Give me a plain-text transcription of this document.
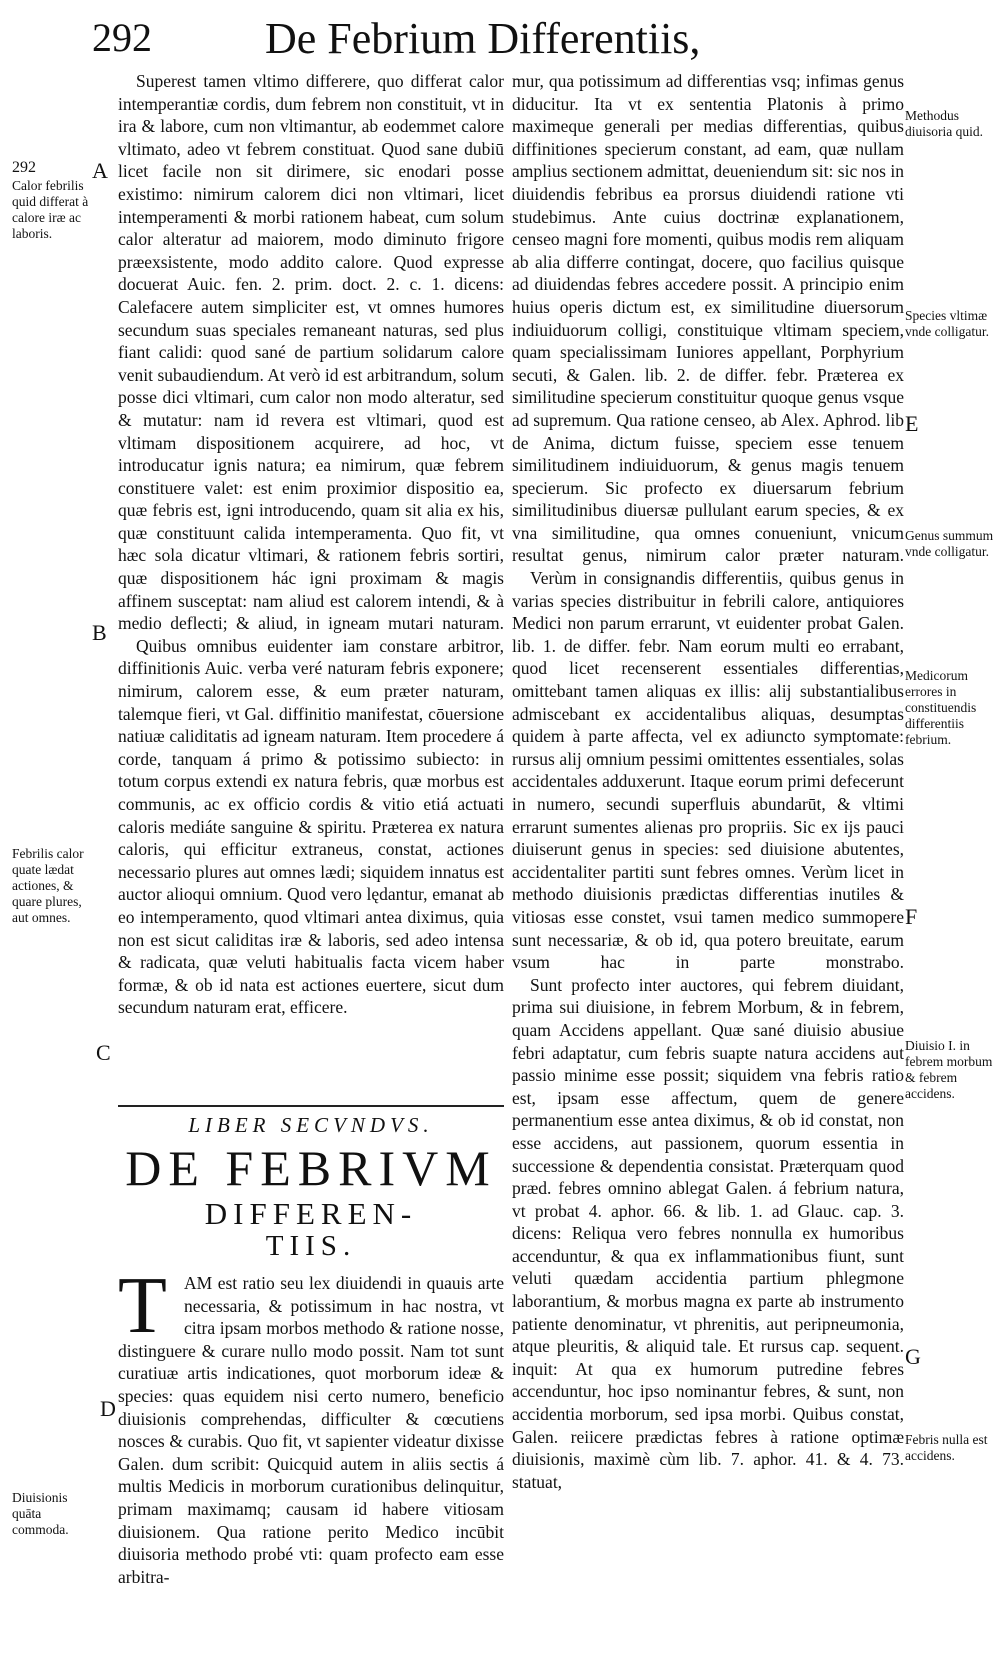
292	De Febrium Differentiis,

Superest tamen vltimo differere, quo differat calor intemperantiæ cordis, dum febrem non constituit, vt in ira & labore, cum non vltimantur, ab eodemmet calore vltimato, adeo vt febrem constituat. Quod sane dubiū licet facile non sit dirimere, sic enodari posse existimo: nimirum calorem dici non vltimari, licet intemperamenti & morbi rationem habeat, cum solum calor alteratur ad maiorem, modo diminuto frigore præexsistente, modo addito calore. Quod expresse docuerat Auic. fen. 2. prim. doct. 2. c. 1. dicens: Calefacere autem simpliciter est, vt omnes humores secundum suas speciales remaneant naturas, sed plus fiant calidi: quod sané de partium solidarum calore venit subaudiendum. At verò id est arbitrandum, solum posse dici vltimari, cum calor non modo alteratur, sed & mutatur: nam id revera est vltimari, quod est vltimam dispositionem acquirere, ad hoc, vt introducatur ignis natura; ea nimirum, quæ febrem constituere valet: est enim proximior dispositio ea, quæ febris est, igni introducendo, quam sit alia ex his, quæ constituunt calida intemperamenta. Quo fit, vt hæc sola dicatur vltimari, & rationem febris sortiri, quæ dispositionem hác igni proximam & magis affinem susceptat: nam aliud est calorem intendi, & à medio deflecti; & aliud, in igneam mutari naturam.

Quibus omnibus euidenter iam constare arbitror, diffinitionis Auic. verba veré naturam febris exponere; nimirum, calorem esse, & eum præter naturam, talemque fieri, vt Gal. diffinitio manifestat, cōuersione natiuæ caliditatis ad igneam naturam. Item procedere á corde, tanquam á primo & potissimo subiecto: in totum corpus extendi ex natura febris, quæ morbus est communis, ac ex officio cordis & vitio etiá actuati caloris mediáte sanguine & spiritu. Præterea ex natura caloris, qui efficitur extraneus, constat, actiones necessario plures aut omnes lædi; siquidem innatus est auctor alioqui omnium. Quod vero lędantur, emanat ab eo intemperamento, quod vltimari antea diximus, quia non est sicut caliditas iræ & laboris, sed adeo intensa & radicata, quæ veluti habitualis facta vicem haber formæ, & ob id nata est actiones euertere, sicut dum secundum naturam erat, efficere.

LIBER SECVNDVS.
DE FEBRIVM
DIFFEREN-
TIIS.
T AM est ratio seu lex diuidendi in quauis arte necessaria, & potissimum in hac nostra, vt citra ipsam morbos methodo & ratione nosse, distinguere & curare nullo modo possit. Nam tot sunt curatiuæ artis indicationes, quot morborum ideæ & species: quas equidem nisi certo numero, beneficio diuisionis comprehendas, difficulter & cœcutiens nosces & curabis. Quo fit, vt sapienter videatur dixisse Galen. dum scribit: Quicquid autem in aliis sectis á multis Medicis in morborum curationibus delinquitur, primam maximamq; causam id habere vitiosam diuisionem. Qua ratione perito Medico incūbit diuisoria methodo probé vti: quam profecto eam esse arbitra-

mur, qua potissimum ad differentias vsq; infimas genus diducitur. Ita vt ex sententia Platonis à primo maximeque generali per medias differentias, quibus diffinitiones specierum constant, ad eam, quæ nullam amplius sectionem admittat, deueniendum sit: sic nos in diuidendis febribus ea prorsus diuidendi ratione vti studebimus. Ante cuius doctrinæ explanationem, censeo magni fore momenti, quibus modis rem aliquam ab alia differre contingat, docere, quo facilius quisque ad diuidendas febres accedere possit. A principio enim huius operis dictum est, ex similitudine diuersorum indiuiduorum colligi, constituique vltimam speciem, quam specialissimam Iuniores appellant, Porphyrium secuti, & Galen. lib. 2. de differ. febr. Præterea ex similitudine specierum constituitur quoque genus vsque ad supremum. Qua ratione censeo, ab Alex. Aphrod. lib de Anima, dictum fuisse, speciem esse tenuem similitudinem indiuiduorum, & genus magis tenuem specierum. Sic profecto ex diuersarum febrium similitudinibus diuersæ pullulant earum species, & ex vna similitudine, qua omnes conueniunt, vnicum resultat genus, nimirum calor præter naturam.

Verùm in consignandis differentiis, quibus genus in varias species distribuitur in febrili calore, antiquiores Medici non parum errarunt, vt euidenter probat Galen. lib. 1. de differ. febr. Nam eorum multi eo errabant, quod licet recenserent essentiales differentias, omittebant tamen aliquas ex illis: alij substantialibus admiscebant ex accidentalibus aliquas, desumptas quidem à parte affecta, vel ex adiuncto symptomate: rursus alij omnium pessimi omittentes essentiales, solas accidentales adduxerunt. Itaque eorum primi defecerunt in numero, secundi superfluis abundarūt, & vltimi errarunt sumentes alienas pro propriis. Sic ex ijs pauci diuiserunt genus in species: sed diuisione abutentes, accidentaliter partiti sunt febres omnes. Verùm licet in methodo diuisionis prædictas differentias inutiles & vitiosas esse constet, vsui tamen medico summopere sunt necessariæ, & ob id, qua potero breuitate, earum vsum hac in parte monstrabo.

Sunt profecto inter auctores, qui febrem diuidant, prima sui diuisione, in febrem Morbum, & in febrem, quam Accidens appellant. Quæ sané diuisio abusiue febri adaptatur, cum febris suapte natura accidens aut passio minime esse possit; siquidem vna febris ratio est, ipsam esse affectum, quem de genere permanentium esse antea diximus, & ob id constat, non esse accidens, aut passionem, quorum essentia in successione & dependentia consistat. Præterquam quod præd. febres omnino ablegat Galen. á febrium natura, vt probat 4. aphor. 66. & lib. 1. ad Glauc. cap. 3. dicens: Reliqua vero febres nonnulla ex humoribus accenduntur, & qua ex inflammationibus fiunt, sunt veluti quædam accidentia partium phlegmone laborantium, & morbus magna ex parte ab instrumento patiente denominatur, vt phrenitis, aut peripneumonia, atque pleuritis, & aliquid tale. Et rursus cap. sequent. inquit: At qua ex humorum putredine febres accenduntur, hoc ipso nominantur febres, & sunt, non accidentia morborum, sed ipsa morbi. Quibus constat, Galen. reiicere prædictas febres à ratione optimæ diuisionis, maximè cùm lib. 7. aphor. 41. & 4. 73. statuat,

292
Calor febrilis quid differat à calore iræ ac laboris.
Febrilis calor quate lædat actiones, & quare plures, aut omnes.
Diuisionis quāta commoda.
Methodus diuisoria quid.
Species vltimæ vnde colligatur.
Genus summum vnde colligatur.
Medicorum errores in constituendis differentiis febrium.
Diuisio I. in febrem morbum & febrem accidens.
Febris nulla est accidens.
A
B
C
D
E
F
G
